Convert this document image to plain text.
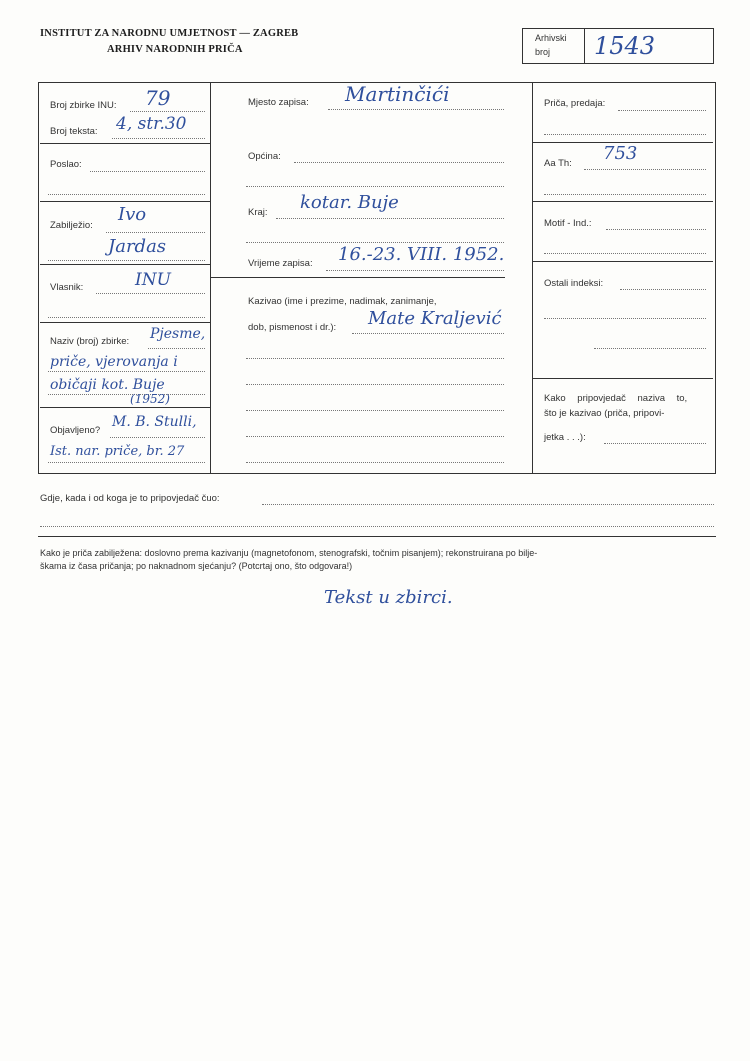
INSTITUT ZA NARODNU UMJETNOST — ZAGREB
ARHIV NARODNIH PRIČA
Arhivski
broj 1543
Broj zbirke INU: 79
Broj teksta: 4, str.30
Poslao:
Zabilježio:
Ivo
Jardas
Vlasnik:	INU
Naziv (broj) zbirke: Pjesme,
priče, vjerovanja i
običaji kot. Buje
(1952)
Objavljeno?
M. B. Stulli,
Ist. nar. priče, br. 27
Mjesto zapisa: Martinčići
Općina:
Kraj: kotar. Buje
Vrijeme zapisa: 16.-23. VIII. 1952.
Kazivao (ime i prezime, nadimak, zanimanje,
dob, pismenost i dr.): Mate Kraljević
Priča, predaja:
Aa Th: 753
Motif - Ind.:
Ostali indeksi:
Kako pripovjedač naziva to,
što je kazivao (priča, pripovi-
jetka . . .):
Gdje, kada i od koga je to pripovjedač čuo:
Kako je priča zabilježena: doslovno prema kazivanju (magnetofonom, stenografski, točnim pisanjem); rekonstruirana po bilje-
škama iz časa pričanja; po naknadnom sjećanju? (Potcrtaj ono, što odgovara!)
Tekst u zbirci.
